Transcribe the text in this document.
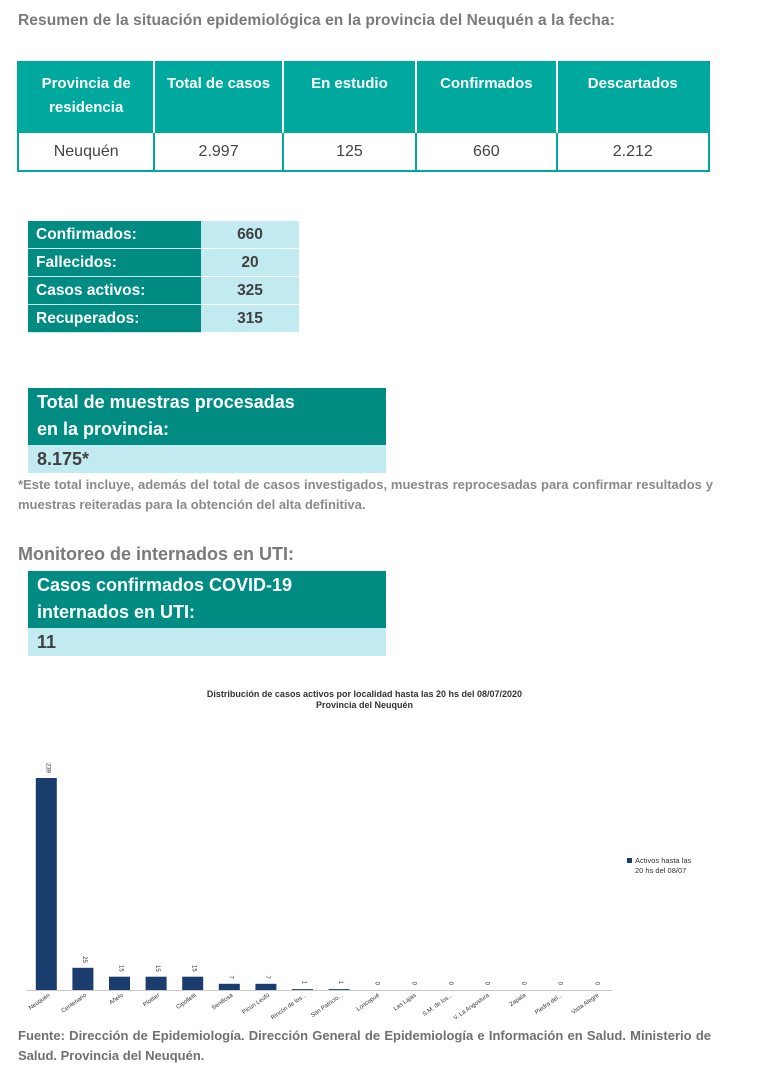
Resumen de la situación epidemiológica en la provincia del Neuquén a la fecha:
Provincia de residencia	Total de casos	En estudio	Confirmados	Descartados
Neuquén	2.997	125	660	2.212
Confirmados:	660
Fallecidos:	20
Casos activos:	325
Recuperados:	315
Total de muestras procesadas
en la provincia:
8.175*
*Este total incluye, además del total de casos investigados, muestras reprocesadas para confirmar resultados y muestras reiteradas para la obtención del alta definitiva.
Monitoreo de internados en UTI:
Casos confirmados COVID-19
internados en UTI:
11
Distribución de casos activos por localidad hasta las 20 hs del 08/07/2020
Provincia del Neuquén
239
Neuquén
25
Centenario
15
Añelo
15
Plottier
15
Cipolletti
7
Senillosa
7
Picún Leufú
1
Rincón de los...
1
San Patricio...
0
Loncopué
0
Las Lajas
0
S.M. de los...
0
V. La Angostura
0
Zapala
0
Piedra del...
0
Vista Alegre
Activos hasta las
20 hs del 08/07
Fuente: Dirección de Epidemiología. Dirección General de Epidemiología e Información en Salud. Ministerio de Salud. Provincia del Neuquén.
